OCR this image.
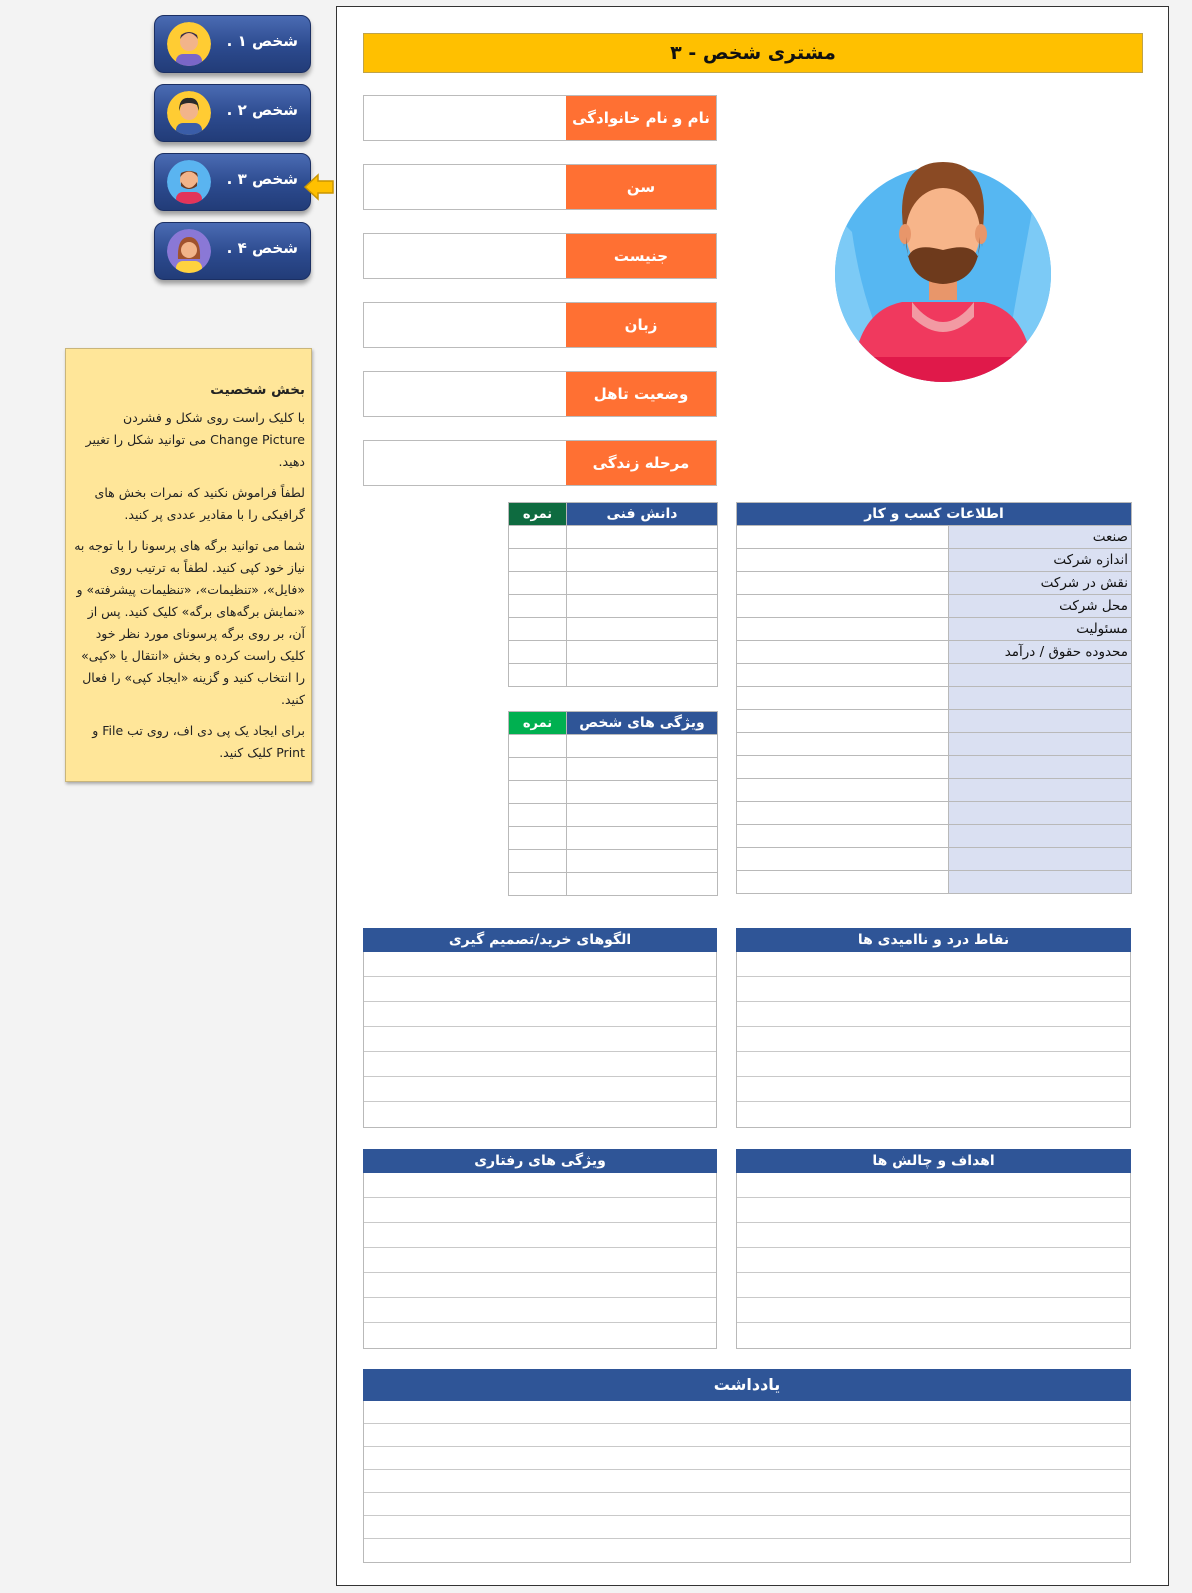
شخص ۱ .
شخص ۲ .
شخص ۳ .
شخص ۴ .
بخش شخصیت

با کلیک راست روی شکل و فشردن Change Picture می توانید شکل را تغییر دهید.

لطفاً فراموش نکنید که نمرات بخش های گرافیکی را با مقادیر عددی پر کنید.

شما می توانید برگه های پرسونا را با توجه به نیاز خود کپی کنید. لطفاً به ترتیب روی «فایل»، «تنظیمات»، «تنظیمات پیشرفته» و «نمایش برگه‌های برگه» کلیک کنید. پس از آن، بر روی برگه پرسونای مورد نظر خود کلیک راست کرده و بخش «انتقال یا «کپی» را انتخاب کنید و گزینه «ایجاد کپی» را فعال کنید.

برای ایجاد یک پی دی اف، روی تب File و Print کلیک کنید.

مشتری شخص - ۳
نام و نام خانوادگی
سن
جنیست
زبان
وضعیت تاهل
مرحله زندگی
اطلاعات کسب و کار	
	صنعت
	اندازه شرکت
	نقش در شرکت
	محل شرکت
	مسئولیت
	محدوده حقوق / درآمد

نمره	دانش فنی

نمره	ویژگی های شخص

نقاط درد و ناامیدی ها
الگوهای خرید/تصمیم گیری
اهداف و چالش ها
ویژگی های رفتاری
یادداشت
